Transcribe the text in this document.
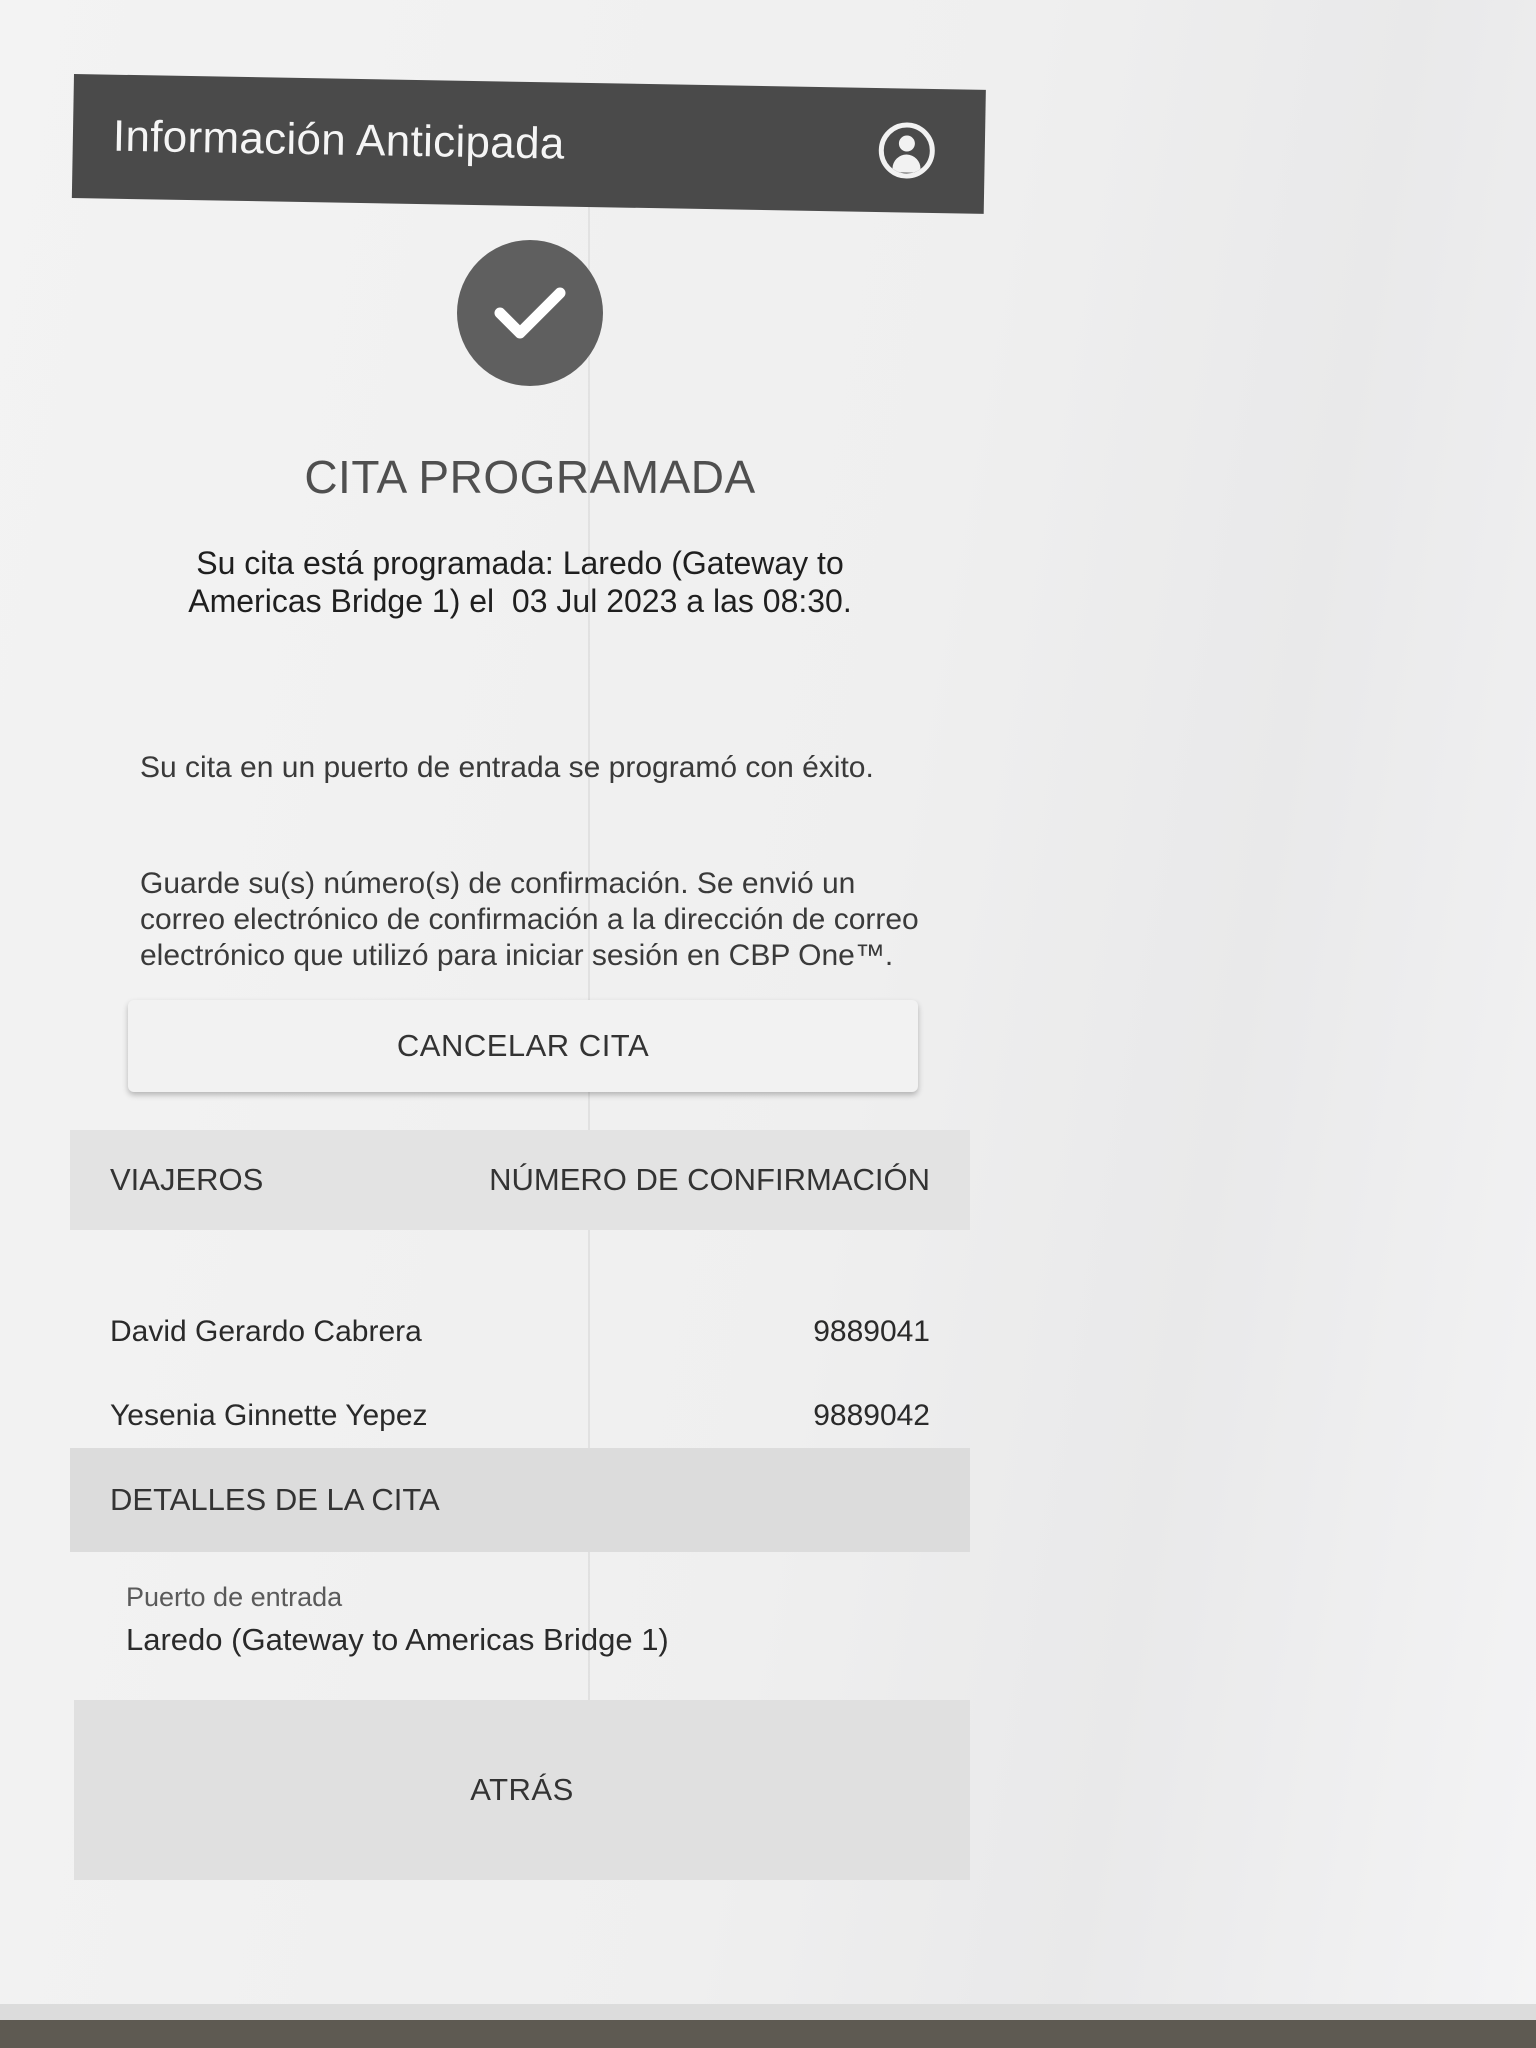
Información Anticipada
CITA PROGRAMADA
Su cita está programada: Laredo (Gateway to
Americas Bridge 1) el  03 Jul 2023 a las 08:30.
Su cita en un puerto de entrada se programó con éxito.
Guarde su(s) número(s) de confirmación. Se envió un correo electrónico de confirmación a la dirección de correo electrónico que utilizó para iniciar sesión en CBP One™.
CANCELAR CITA
VIAJEROS	NÚMERO DE CONFIRMACIÓN
David Gerardo Cabrera	9889041
Yesenia Ginnette Yepez	9889042
DETALLES DE LA CITA
Puerto de entrada
Laredo (Gateway to Americas Bridge 1)
ATRÁS
